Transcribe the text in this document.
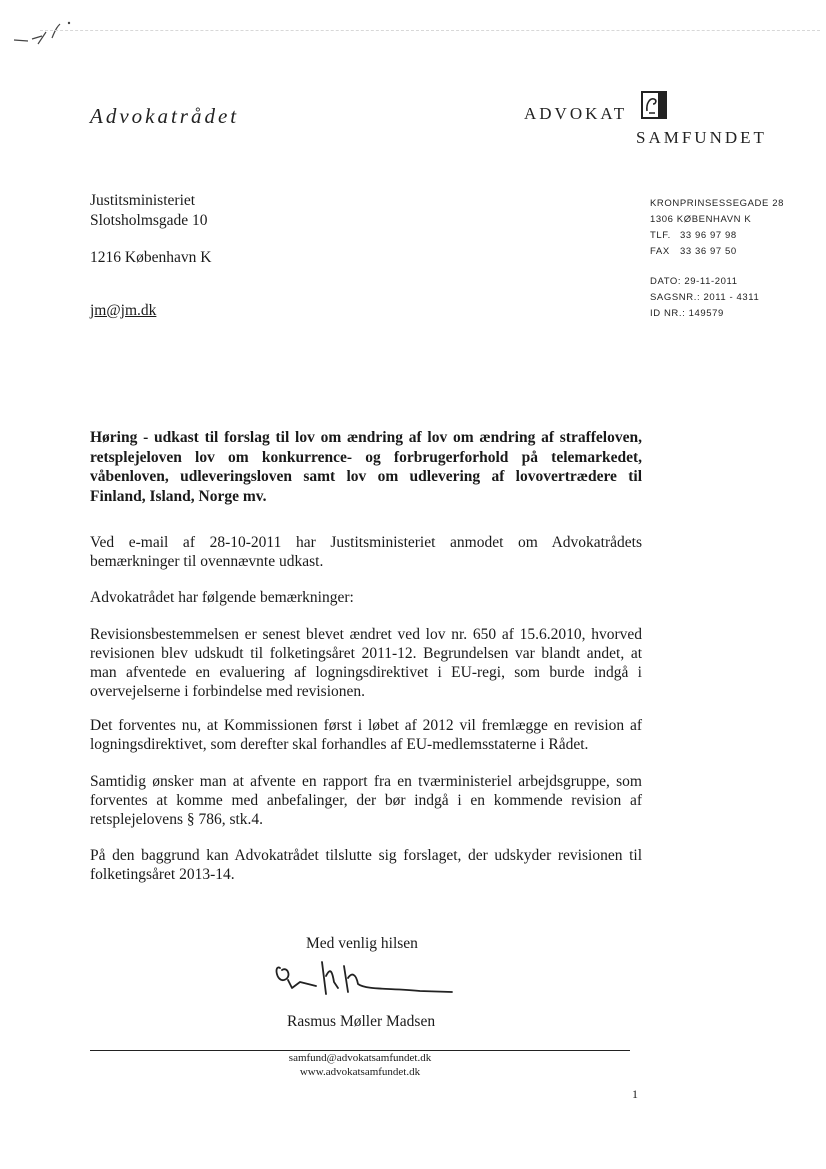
Advokatrådet	ADVOKAT
SAMFUNDET
Justitsministeriet
Slotsholmsgade 10
1216 København K
jm@jm.dk
KRONPRINSESSEGADE 28
1306 KØBENHAVN K
TLF. 33 96 97 98
FAX 33 36 97 50
DATO: 29-11-2011
SAGSNR.: 2011 - 4311
ID NR.: 149579
Høring - udkast til forslag til lov om ændring af lov om ændring af straffeloven, retsplejeloven lov om konkurrence- og forbrugerforhold på telemarkedet, våbenloven, udleveringsloven samt lov om udlevering af lovovertrædere til Finland, Island, Norge mv.
Ved e-mail af 28-10-2011 har Justitsministeriet anmodet om Advokatrådets bemærkninger til ovennævnte udkast.
Advokatrådet har følgende bemærkninger:
Revisionsbestemmelsen er senest blevet ændret ved lov nr. 650 af 15.6.2010, hvorved revisionen blev udskudt til folketingsåret 2011-12. Begrundelsen var blandt andet, at man afventede en evaluering af logningsdirektivet i EU-regi, som burde indgå i overvejelserne i forbindelse med revisionen.
Det forventes nu, at Kommissionen først i løbet af 2012 vil fremlægge en revision af logningsdirektivet, som derefter skal forhandles af EU-medlemsstaterne i Rådet.
Samtidig ønsker man at afvente en rapport fra en tværministeriel arbejdsgruppe, som forventes at komme med anbefalinger, der bør indgå i en kommende revision af retsplejelovens § 786, stk.4.
På den baggrund kan Advokatrådet tilslutte sig forslaget, der udskyder revisionen til folketingsåret 2013-14.
Med venlig hilsen
Rasmus Møller Madsen
samfund@advokatsamfundet.dk
www.advokatsamfundet.dk
1
